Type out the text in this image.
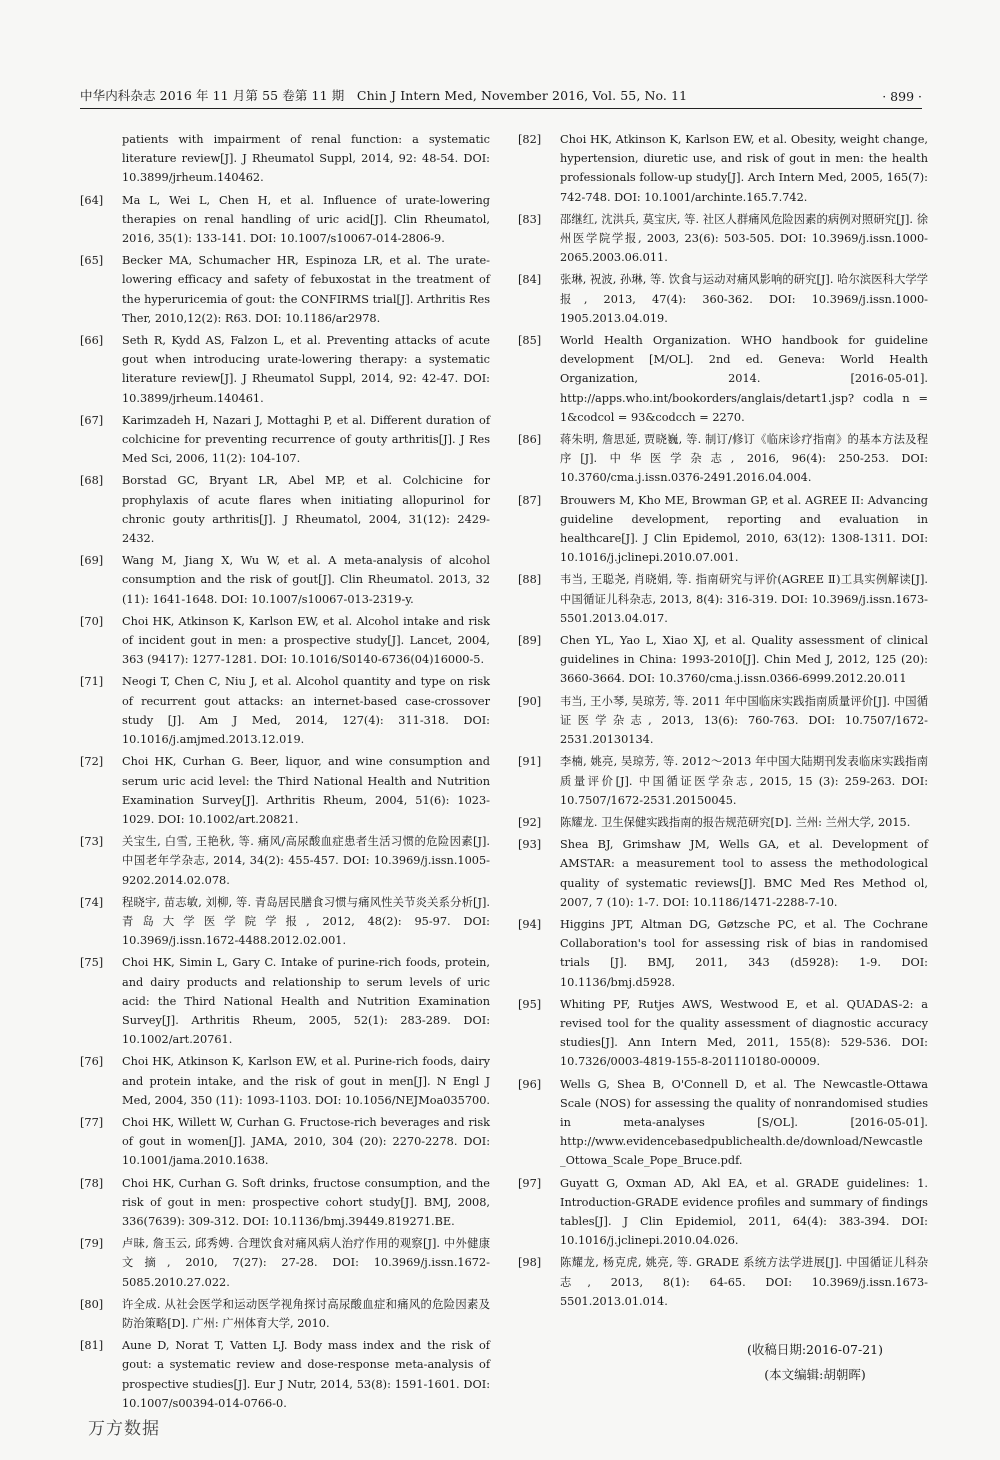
中华内科杂志 2016 年 11 月第 55 卷第 11 期　Chin J Intern Med, November 2016, Vol. 55, No. 11	· 899 ·
patients with impairment of renal function: a systematic literature review[J]. J Rheumatol Suppl, 2014, 92: 48-54. DOI: 10.3899/jrheum.140462.
[64]	Ma L, Wei L, Chen H, et al. Influence of urate-lowering therapies on renal handling of uric acid[J]. Clin Rheumatol, 2016, 35(1): 133-141. DOI: 10.1007/s10067-014-2806-9.
[65]	Becker MA, Schumacher HR, Espinoza LR, et al. The urate-lowering efficacy and safety of febuxostat in the treatment of the hyperuricemia of gout: the CONFIRMS trial[J]. Arthritis Res Ther, 2010,12(2): R63. DOI: 10.1186/ar2978.
[66]	Seth R, Kydd AS, Falzon L, et al. Preventing attacks of acute gout when introducing urate-lowering therapy: a systematic literature review[J]. J Rheumatol Suppl, 2014, 92: 42-47. DOI: 10.3899/jrheum.140461.
[67]	Karimzadeh H, Nazari J, Mottaghi P, et al. Different duration of colchicine for preventing recurrence of gouty arthritis[J]. J Res Med Sci, 2006, 11(2): 104-107.
[68]	Borstad GC, Bryant LR, Abel MP, et al. Colchicine for prophylaxis of acute flares when initiating allopurinol for chronic gouty arthritis[J]. J Rheumatol, 2004, 31(12): 2429-2432.
[69]	Wang M, Jiang X, Wu W, et al. A meta-analysis of alcohol consumption and the risk of gout[J]. Clin Rheumatol. 2013, 32 (11): 1641-1648. DOI: 10.1007/s10067-013-2319-y.
[70]	Choi HK, Atkinson K, Karlson EW, et al. Alcohol intake and risk of incident gout in men: a prospective study[J]. Lancet, 2004, 363 (9417): 1277-1281. DOI: 10.1016/S0140-6736(04)16000-5.
[71]	Neogi T, Chen C, Niu J, et al. Alcohol quantity and type on risk of recurrent gout attacks: an internet-based case-crossover study [J]. Am J Med, 2014, 127(4): 311-318. DOI: 10.1016/j.amjmed.2013.12.019.
[72]	Choi HK, Curhan G. Beer, liquor, and wine consumption and serum uric acid level: the Third National Health and Nutrition Examination Survey[J]. Arthritis Rheum, 2004, 51(6): 1023-1029. DOI: 10.1002/art.20821.
[73]	关宝生, 白雪, 王艳秋, 等. 痛风/高尿酸血症患者生活习惯的危险因素[J]. 中国老年学杂志, 2014, 34(2): 455-457. DOI: 10.3969/j.issn.1005-9202.2014.02.078.
[74]	程晓宇, 苗志敏, 刘柳, 等. 青岛居民膳食习惯与痛风性关节炎关系分析[J]. 青岛大学医学院学报, 2012, 48(2): 95-97. DOI: 10.3969/j.issn.1672-4488.2012.02.001.
[75]	Choi HK, Simin L, Gary C. Intake of purine-rich foods, protein, and dairy products and relationship to serum levels of uric acid: the Third National Health and Nutrition Examination Survey[J]. Arthritis Rheum, 2005, 52(1): 283-289. DOI: 10.1002/art.20761.
[76]	Choi HK, Atkinson K, Karlson EW, et al. Purine-rich foods, dairy and protein intake, and the risk of gout in men[J]. N Engl J Med, 2004, 350 (11): 1093-1103. DOI: 10.1056/NEJMoa035700.
[77]	Choi HK, Willett W, Curhan G. Fructose-rich beverages and risk of gout in women[J]. JAMA, 2010, 304 (20): 2270-2278. DOI: 10.1001/jama.2010.1638.
[78]	Choi HK, Curhan G. Soft drinks, fructose consumption, and the risk of gout in men: prospective cohort study[J]. BMJ, 2008, 336(7639): 309-312. DOI: 10.1136/bmj.39449.819271.BE.
[79]	卢昧, 詹玉云, 邱秀娉. 合理饮食对痛风病人治疗作用的观察[J]. 中外健康文摘, 2010, 7(27): 27-28. DOI: 10.3969/j.issn.1672-5085.2010.27.022.
[80]	许全成. 从社会医学和运动医学视角探讨高尿酸血症和痛风的危险因素及防治策略[D]. 广州: 广州体育大学, 2010.
[81]	Aune D, Norat T, Vatten LJ. Body mass index and the risk of gout: a systematic review and dose-response meta-analysis of prospective studies[J]. Eur J Nutr, 2014, 53(8): 1591-1601. DOI: 10.1007/s00394-014-0766-0.
[82]	Choi HK, Atkinson K, Karlson EW, et al. Obesity, weight change, hypertension, diuretic use, and risk of gout in men: the health professionals follow-up study[J]. Arch Intern Med, 2005, 165(7): 742-748. DOI: 10.1001/archinte.165.7.742.
[83]	邵继红, 沈洪兵, 莫宝庆, 等. 社区人群痛风危险因素的病例对照研究[J]. 徐州医学院学报, 2003, 23(6): 503-505. DOI: 10.3969/j.issn.1000-2065.2003.06.011.
[84]	张琳, 祝波, 孙琳, 等. 饮食与运动对痛风影响的研究[J]. 哈尔滨医科大学学报, 2013, 47(4): 360-362. DOI: 10.3969/j.issn.1000-1905.2013.04.019.
[85]	World Health Organization. WHO handbook for guideline development [M/OL]. 2nd ed. Geneva: World Health Organization, 2014. [2016-05-01]. http://apps.who.int/bookorders/anglais/detart1.jsp? codla n = 1&codcol = 93&codcch = 2270.
[86]	蒋朱明, 詹思延, 贾晓巍, 等. 制订/修订《临床诊疗指南》的基本方法及程序[J]. 中华医学杂志, 2016, 96(4): 250-253. DOI: 10.3760/cma.j.issn.0376-2491.2016.04.004.
[87]	Brouwers M, Kho ME, Browman GP, et al. AGREE II: Advancing guideline development, reporting and evaluation in healthcare[J]. J Clin Epidemol, 2010, 63(12): 1308-1311. DOI: 10.1016/j.jclinepi.2010.07.001.
[88]	韦当, 王聪尧, 肖晓娟, 等. 指南研究与评价(AGREE Ⅱ)工具实例解读[J]. 中国循证儿科杂志, 2013, 8(4): 316-319. DOI: 10.3969/j.issn.1673-5501.2013.04.017.
[89]	Chen YL, Yao L, Xiao XJ, et al. Quality assessment of clinical guidelines in China: 1993-2010[J]. Chin Med J, 2012, 125 (20): 3660-3664. DOI: 10.3760/cma.j.issn.0366-6999.2012.20.011
[90]	韦当, 王小琴, 吴琼芳, 等. 2011 年中国临床实践指南质量评价[J]. 中国循证医学杂志, 2013, 13(6): 760-763. DOI: 10.7507/1672-2531.20130134.
[91]	李楠, 姚亮, 吴琼芳, 等. 2012～2013 年中国大陆期刊发表临床实践指南质量评价[J]. 中国循证医学杂志, 2015, 15 (3): 259-263. DOI: 10.7507/1672-2531.20150045.
[92]	陈耀龙. 卫生保健实践指南的报告规范研究[D]. 兰州: 兰州大学, 2015.
[93]	Shea BJ, Grimshaw JM, Wells GA, et al. Development of AMSTAR: a measurement tool to assess the methodological quality of systematic reviews[J]. BMC Med Res Method ol, 2007, 7 (10): 1-7. DOI: 10.1186/1471-2288-7-10.
[94]	Higgins JPT, Altman DG, Gøtzsche PC, et al. The Cochrane Collaboration's tool for assessing risk of bias in randomised trials [J]. BMJ, 2011, 343 (d5928): 1-9. DOI: 10.1136/bmj.d5928.
[95]	Whiting PF, Rutjes AWS, Westwood E, et al. QUADAS-2: a revised tool for the quality assessment of diagnostic accuracy studies[J]. Ann Intern Med, 2011, 155(8): 529-536. DOI: 10.7326/0003-4819-155-8-201110180-00009.
[96]	Wells G, Shea B, O'Connell D, et al. The Newcastle-Ottawa Scale (NOS) for assessing the quality of nonrandomised studies in meta-analyses [S/OL]. [2016-05-01]. http://www.evidencebasedpublichealth.de/download/Newcastle_Ottowa_Scale_Pope_Bruce.pdf.
[97]	Guyatt G, Oxman AD, Akl EA, et al. GRADE guidelines: 1. Introduction-GRADE evidence profiles and summary of findings tables[J]. J Clin Epidemiol, 2011, 64(4): 383-394. DOI: 10.1016/j.jclinepi.2010.04.026.
[98]	陈耀龙, 杨克虎, 姚亮, 等. GRADE 系统方法学进展[J]. 中国循证儿科杂志, 2013, 8(1): 64-65. DOI: 10.3969/j.issn.1673-5501.2013.01.014.
(收稿日期:2016-07-21)
(本文编辑:胡朝晖)
万方数据
